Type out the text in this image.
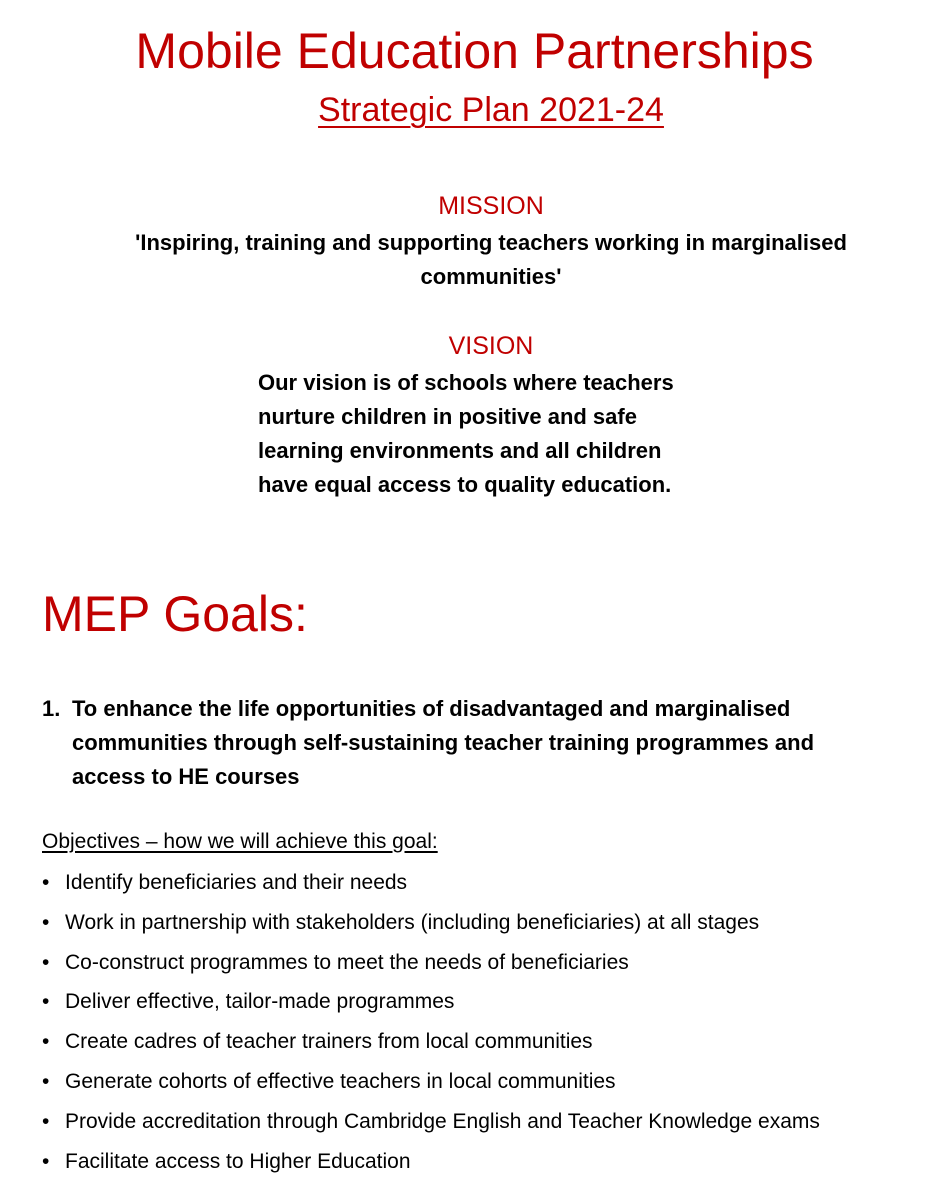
Mobile Education Partnerships
Strategic Plan 2021-24
MISSION
'Inspiring, training and supporting teachers working in marginalised communities'
VISION
Our vision is of schools where teachers
nurture children in positive and safe
learning environments and all children
have equal access to quality education.
MEP Goals:
1. To enhance the life opportunities of disadvantaged and marginalised
communities through self-sustaining teacher training programmes and
access to HE courses
Objectives – how we will achieve this goal:
• Identify beneficiaries and their needs
• Work in partnership with stakeholders (including beneficiaries) at all stages
• Co-construct programmes to meet the needs of beneficiaries
• Deliver effective, tailor-made programmes
• Create cadres of teacher trainers from local communities
• Generate cohorts of effective teachers in local communities
• Provide accreditation through Cambridge English and Teacher Knowledge exams
• Facilitate access to Higher Education
